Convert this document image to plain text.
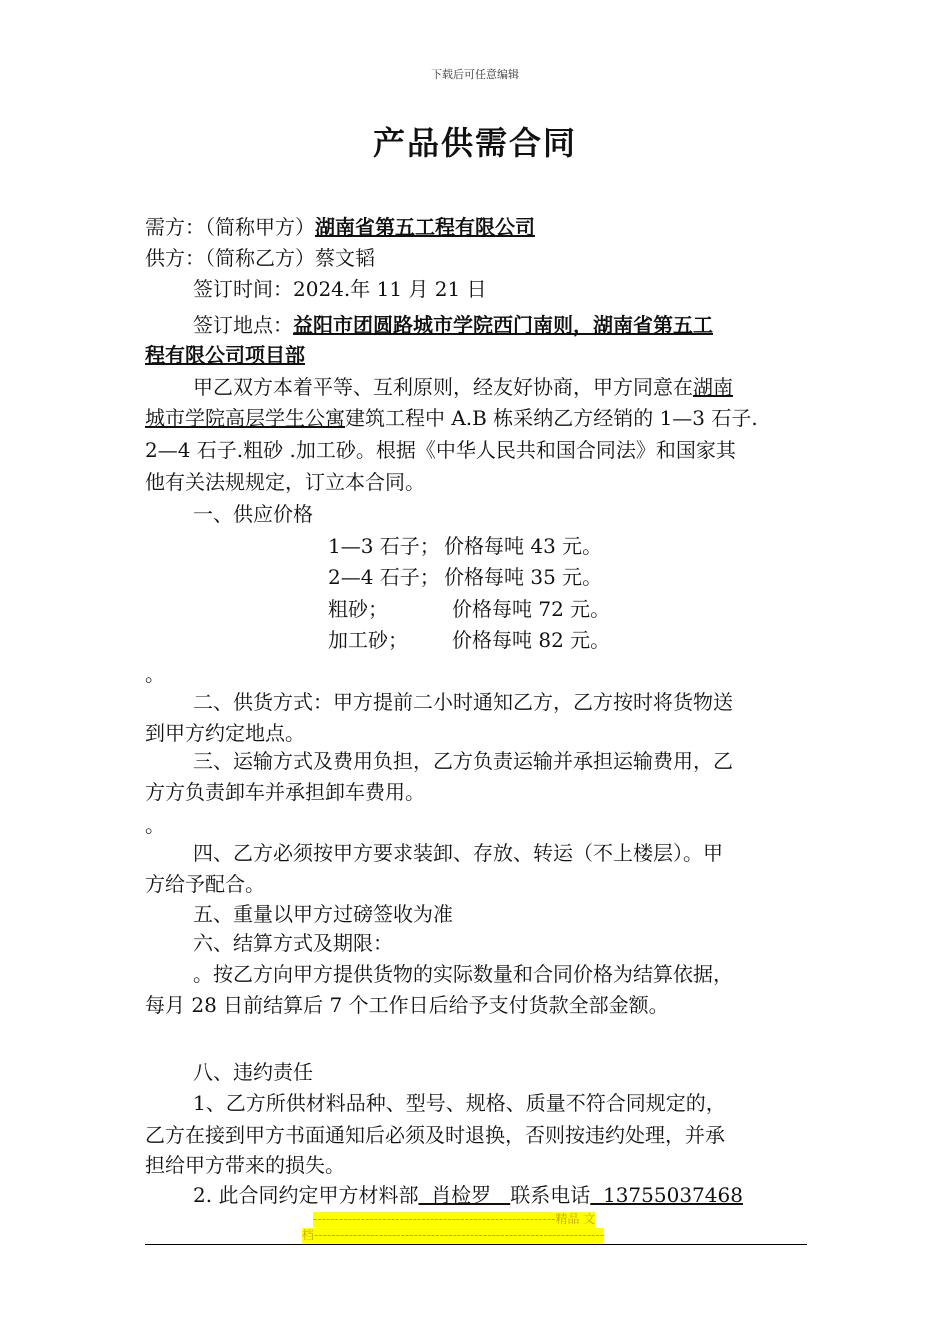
下载后可任意编辑
产品供需合同
需方：（简称甲方）湖南省第五工程有限公司
供方：（简称乙方）蔡文韬
签订时间：2024.年 11 月 21 日
签订地点：益阳市团圆路城市学院西门南则，湖南省第五工
程有限公司项目部
甲乙双方本着平等、互利原则，经友好协商，甲方同意在湖南
城市学院高层学生公寓建筑工程中 A.B 栋采纳乙方经销的 1—3 石子.
2—4 石子.粗砂 .加工砂。根据《中华人民共和国合同法》和国家其
他有关法规规定，订立本合同。
一、供应价格
1—3 石子； 价格每吨 43 元。
2—4 石子； 价格每吨 35 元。
粗砂；	价格每吨 72 元。
加工砂； 价格每吨 82 元。
。
二、供货方式：甲方提前二小时通知乙方，乙方按时将货物送
到甲方约定地点。
三、运输方式及费用负担，乙方负责运输并承担运输费用，乙
方方负责卸车并承担卸车费用。
。
四、乙方必须按甲方要求装卸、存放、转运（不上楼层）。甲
方给予配合。
五、重量以甲方过磅签收为准
六、结算方式及期限：
。按乙方向甲方提供货物的实际数量和合同价格为结算依据，
每月 28 日前结算后 7 个工作日后给予支付货款全部金额。
八、违约责任
1、乙方所供材料品种、型号、规格、质量不符合同规定的，
乙方在接到甲方书面通知后必须及时退换，否则按违约处理，并承
担给甲方带来的损失。
2. 此合同约定甲方材料部  肖检罗   联系电话  13755037468
--------------------------------------------------------精品 文
档-------------------------------------------------------------------
